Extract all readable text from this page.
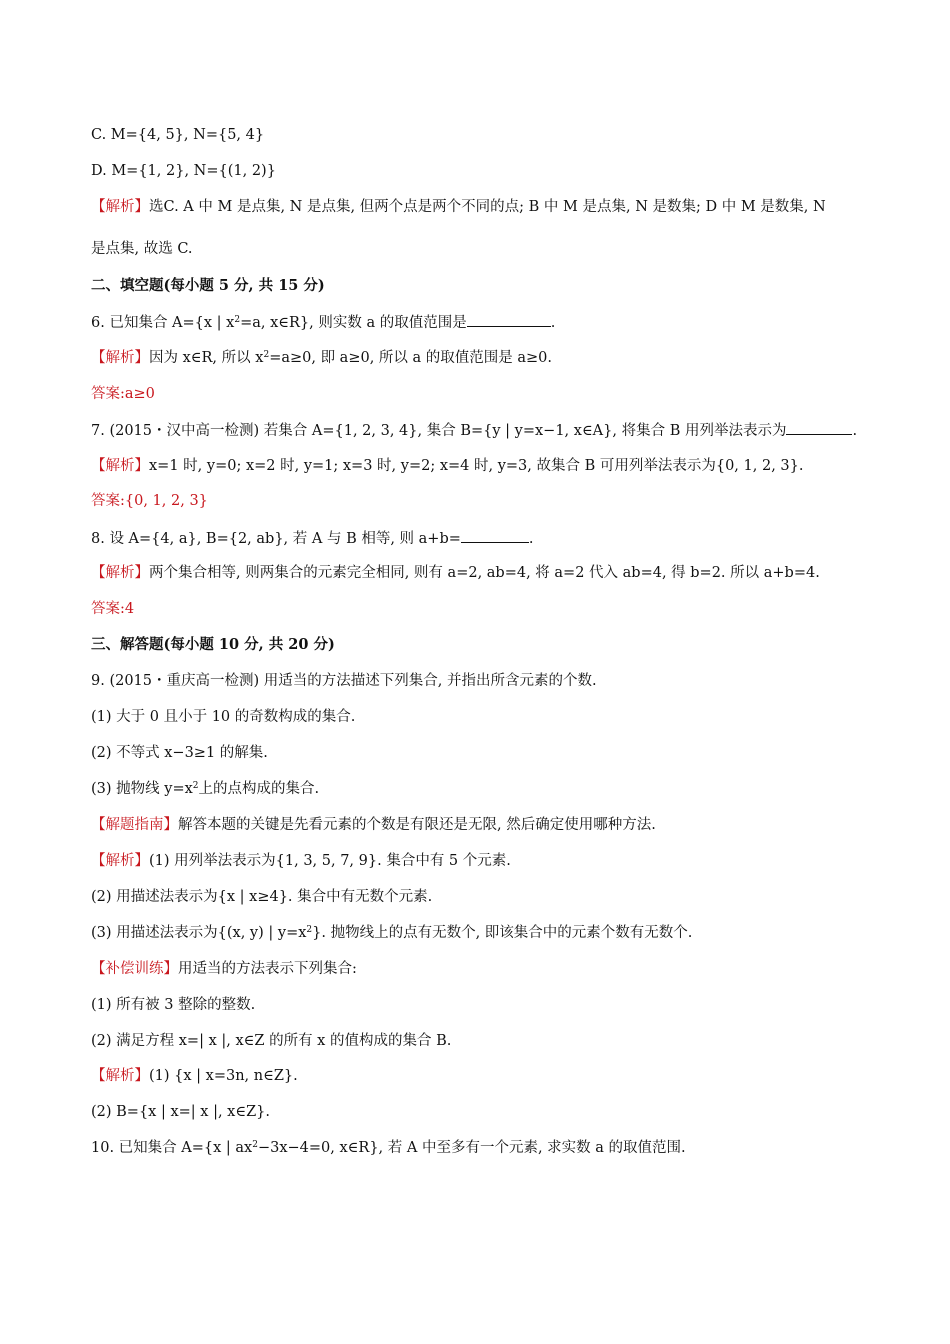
C. M={4, 5}, N={5, 4}
D. M={1, 2}, N={(1, 2)}
【解析】选C. A 中 M 是点集, N 是点集, 但两个点是两个不同的点; B 中 M 是点集, N 是数集; D 中 M 是数集, N
是点集, 故选 C.
二、填空题(每小题 5 分, 共 15 分)
6. 已知集合 A={x | $x^2=a$, x∈R}, 则实数 a 的取值范围是	.
【解析】因为 x∈R, 所以 $x^2=a\ge 0$, 即 a≥0, 所以 a 的取值范围是 a≥0.
答案:a≥0
7. (2015・汉中高一检测) 若集合 A={1, 2, 3, 4}, 集合 B={y | y=x−1, x∈A}, 将集合 B 用列举法表示为	.
【解析】x=1 时, y=0; x=2 时, y=1; x=3 时, y=2; x=4 时, y=3, 故集合 B 可用列举法表示为{0, 1, 2, 3}.
答案:{0, 1, 2, 3}
8. 设 A={4, a}, B={2, ab}, 若 A 与 B 相等, 则 a+b=	.
【解析】两个集合相等, 则两集合的元素完全相同, 则有 a=2, ab=4, 将 a=2 代入 ab=4, 得 b=2. 所以 a+b=4.
答案:4
三、解答题(每小题 10 分, 共 20 分)
9. (2015・重庆高一检测) 用适当的方法描述下列集合, 并指出所含元素的个数.
(1) 大于 0 且小于 10 的奇数构成的集合.
(2) 不等式 x−3≥1 的解集.
(3) 抛物线 $y=x^2$上的点构成的集合.
【解题指南】解答本题的关键是先看元素的个数是有限还是无限, 然后确定使用哪种方法.
【解析】(1) 用列举法表示为{1, 3, 5, 7, 9}. 集合中有 5 个元素.
(2) 用描述法表示为{x | x≥4}. 集合中有无数个元素.
(3) 用描述法表示为{(x, y) | $y=x^2$}. 抛物线上的点有无数个, 即该集合中的元素个数有无数个.
【补偿训练】用适当的方法表示下列集合:
(1) 所有被 3 整除的整数.
(2) 满足方程 x=| x |, x∈Z 的所有 x 的值构成的集合 B.
【解析】(1) {x | x=3n, n∈Z}.
(2) B={x | x=| x |, x∈Z}.
10. 已知集合 A={x | $ax^2-3x-4=0$, x∈R}, 若 A 中至多有一个元素, 求实数 a 的取值范围.
